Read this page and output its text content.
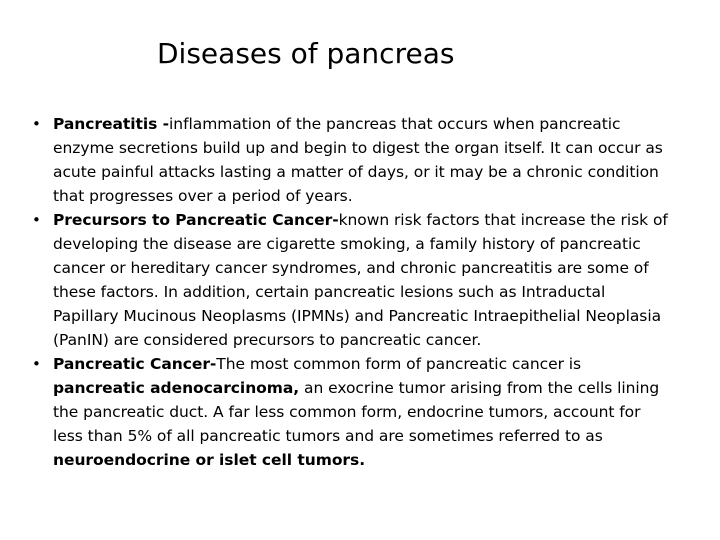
Diseases of pancreas
• Pancreatitis -inflammation of the pancreas that occurs when pancreatic enzyme secretions build up and begin to digest the organ itself. It can occur as acute painful attacks lasting a matter of days, or it may be a chronic condition that progresses over a period of years.
• Precursors to Pancreatic Cancer-known risk factors that increase the risk of developing the disease are cigarette smoking, a family history of pancreatic cancer or hereditary cancer syndromes, and chronic pancreatitis are some of these factors. In addition, certain pancreatic lesions such as Intraductal Papillary Mucinous Neoplasms (IPMNs) and Pancreatic Intraepithelial Neoplasia (PanIN) are considered precursors to pancreatic cancer.
• Pancreatic Cancer-The most common form of pancreatic cancer is pancreatic adenocarcinoma, an exocrine tumor arising from the cells lining the pancreatic duct. A far less common form, endocrine tumors, account for less than 5% of all pancreatic tumors and are sometimes referred to as neuroendocrine or islet cell tumors.
